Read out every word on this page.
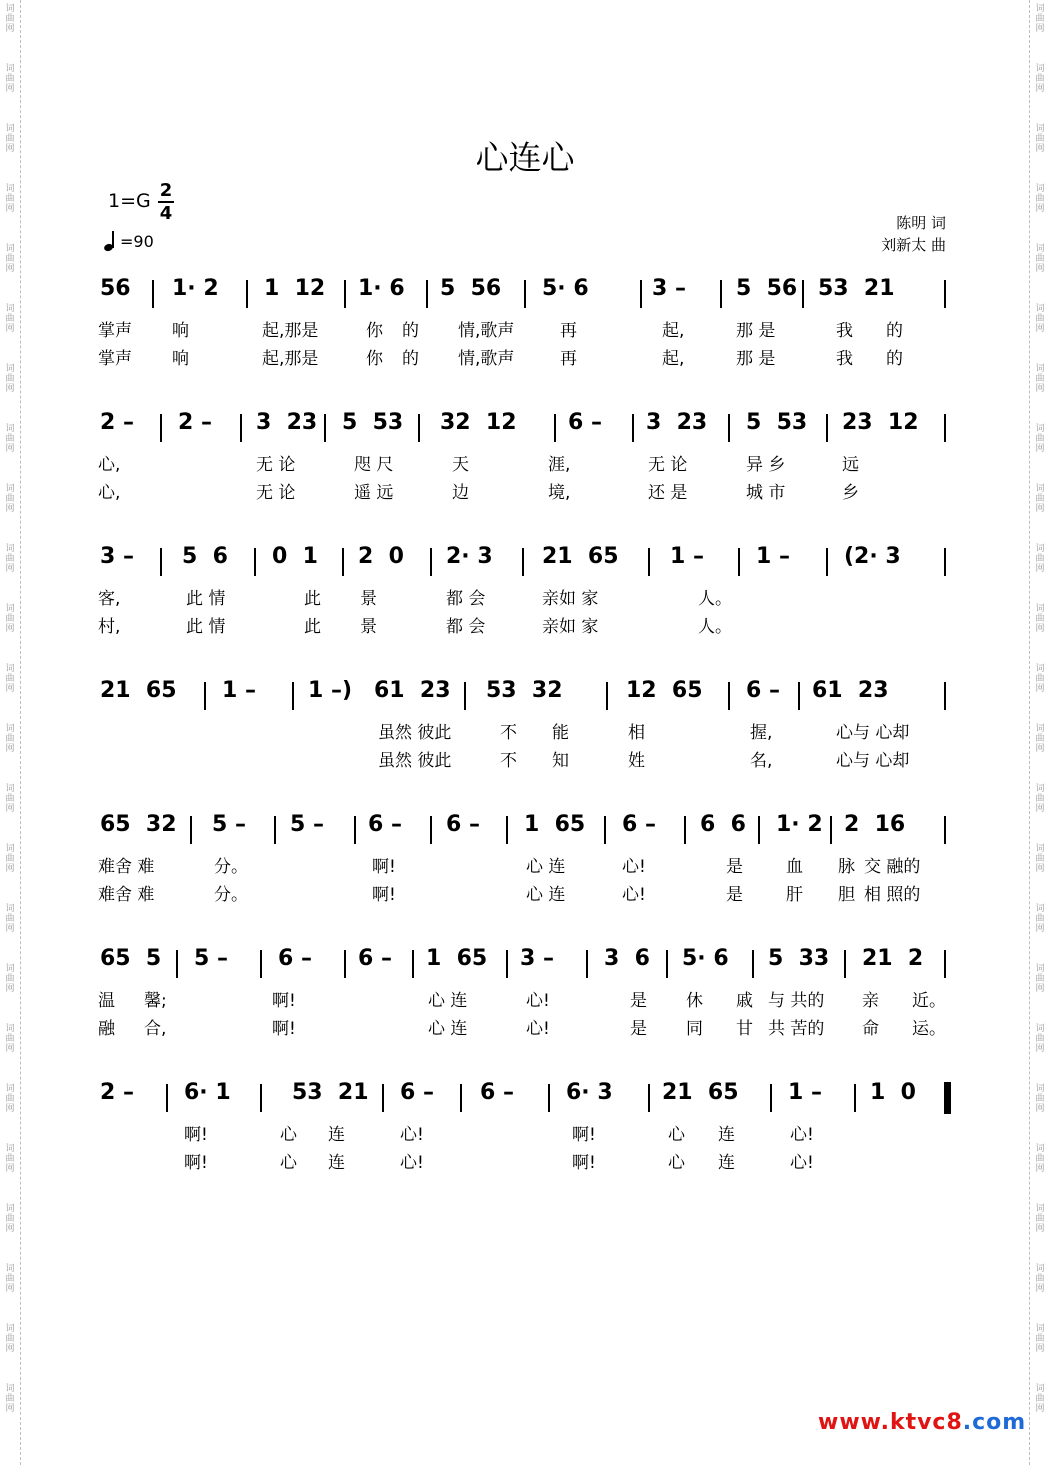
词
曲
网
词
曲
网
词
曲
网
词
曲
网
词
曲
网
词
曲
网
词
曲
网
词
曲
网
词
曲
网
词
曲
网
词
曲
网
词
曲
网
词
曲
网
词
曲
网
词
曲
网
词
曲
网
词
曲
网
词
曲
网
词
曲
网
词
曲
网
词
曲
网
词
曲
网
词
曲
网
词
曲
网
词
曲
网
词
曲
网
词
曲
网
词
曲
网
词
曲
网
词
曲
网
词
曲
网
词
曲
网
词
曲
网
词
曲
网
词
曲
网
词
曲
网
词
曲
网
词
曲
网
词
曲
网
词
曲
网
词
曲
网
词
曲
网
词
曲
网
词
曲
网
词
曲
网
词
曲
网
词
曲
网
词
曲
网
心连心
1=G 2
4
=90
陈明 词
刘新太 曲
56 1· 2 1  12 1· 6 5  56 5· 6	3 – 5  56 53  21
掌声 响	起,那是	你 的 情,歌声	再	起,	那 是	我 的
掌声 响	起,那是	你 的 情,歌声	再	起,	那 是	我 的
2 – 2 – 3  23 5  53 32  12 6 – 3  23 5  53 23  12
心,	无 论	咫 尺	天	涯,	无 论	异 乡	远
心,	无 论	遥 远	边	境,	还 是	城 市	乡
3 – 5  6 0  1 2  0 2· 3 21  65 1 – 1 – (2· 3
客,	此 情	此 景	都 会	亲如 家	人。
村,	此 情	此 景	都 会	亲如 家	人。
21  65 1 – 1 –) 61  23 53  32	12  65 6 – 61  23
虽然 彼此	不 能	相	握,	心与 心却
虽然 彼此	不 知	姓	名,	心与 心却
65  32 5 – 5 – 6 – 6 – 1  65 6 – 6  6 1· 2 2  16
难舍 难	分。	啊!	心 连	心!	是	血 脉 交 融的
难舍 难	分。	啊!	心 连	心!	是	肝 胆 相 照的
65  5 5 – 6 – 6 – 1  65 3 – 3  6 5· 6 5  33 21  2
温 馨;	啊!	心 连	心!	是 休 戚 与 共的 亲 近。
融 合,	啊!	心 连	心!	是 同 甘 共 苦的 命 运。
2 – 6· 1	53  21 6 – 6 – 6· 3 21  65 1 – 1  0
啊!	心 连	心!	啊!	心 连	心!
啊!	心 连	心!	啊!	心 连	心!
www.ktvc8.com
